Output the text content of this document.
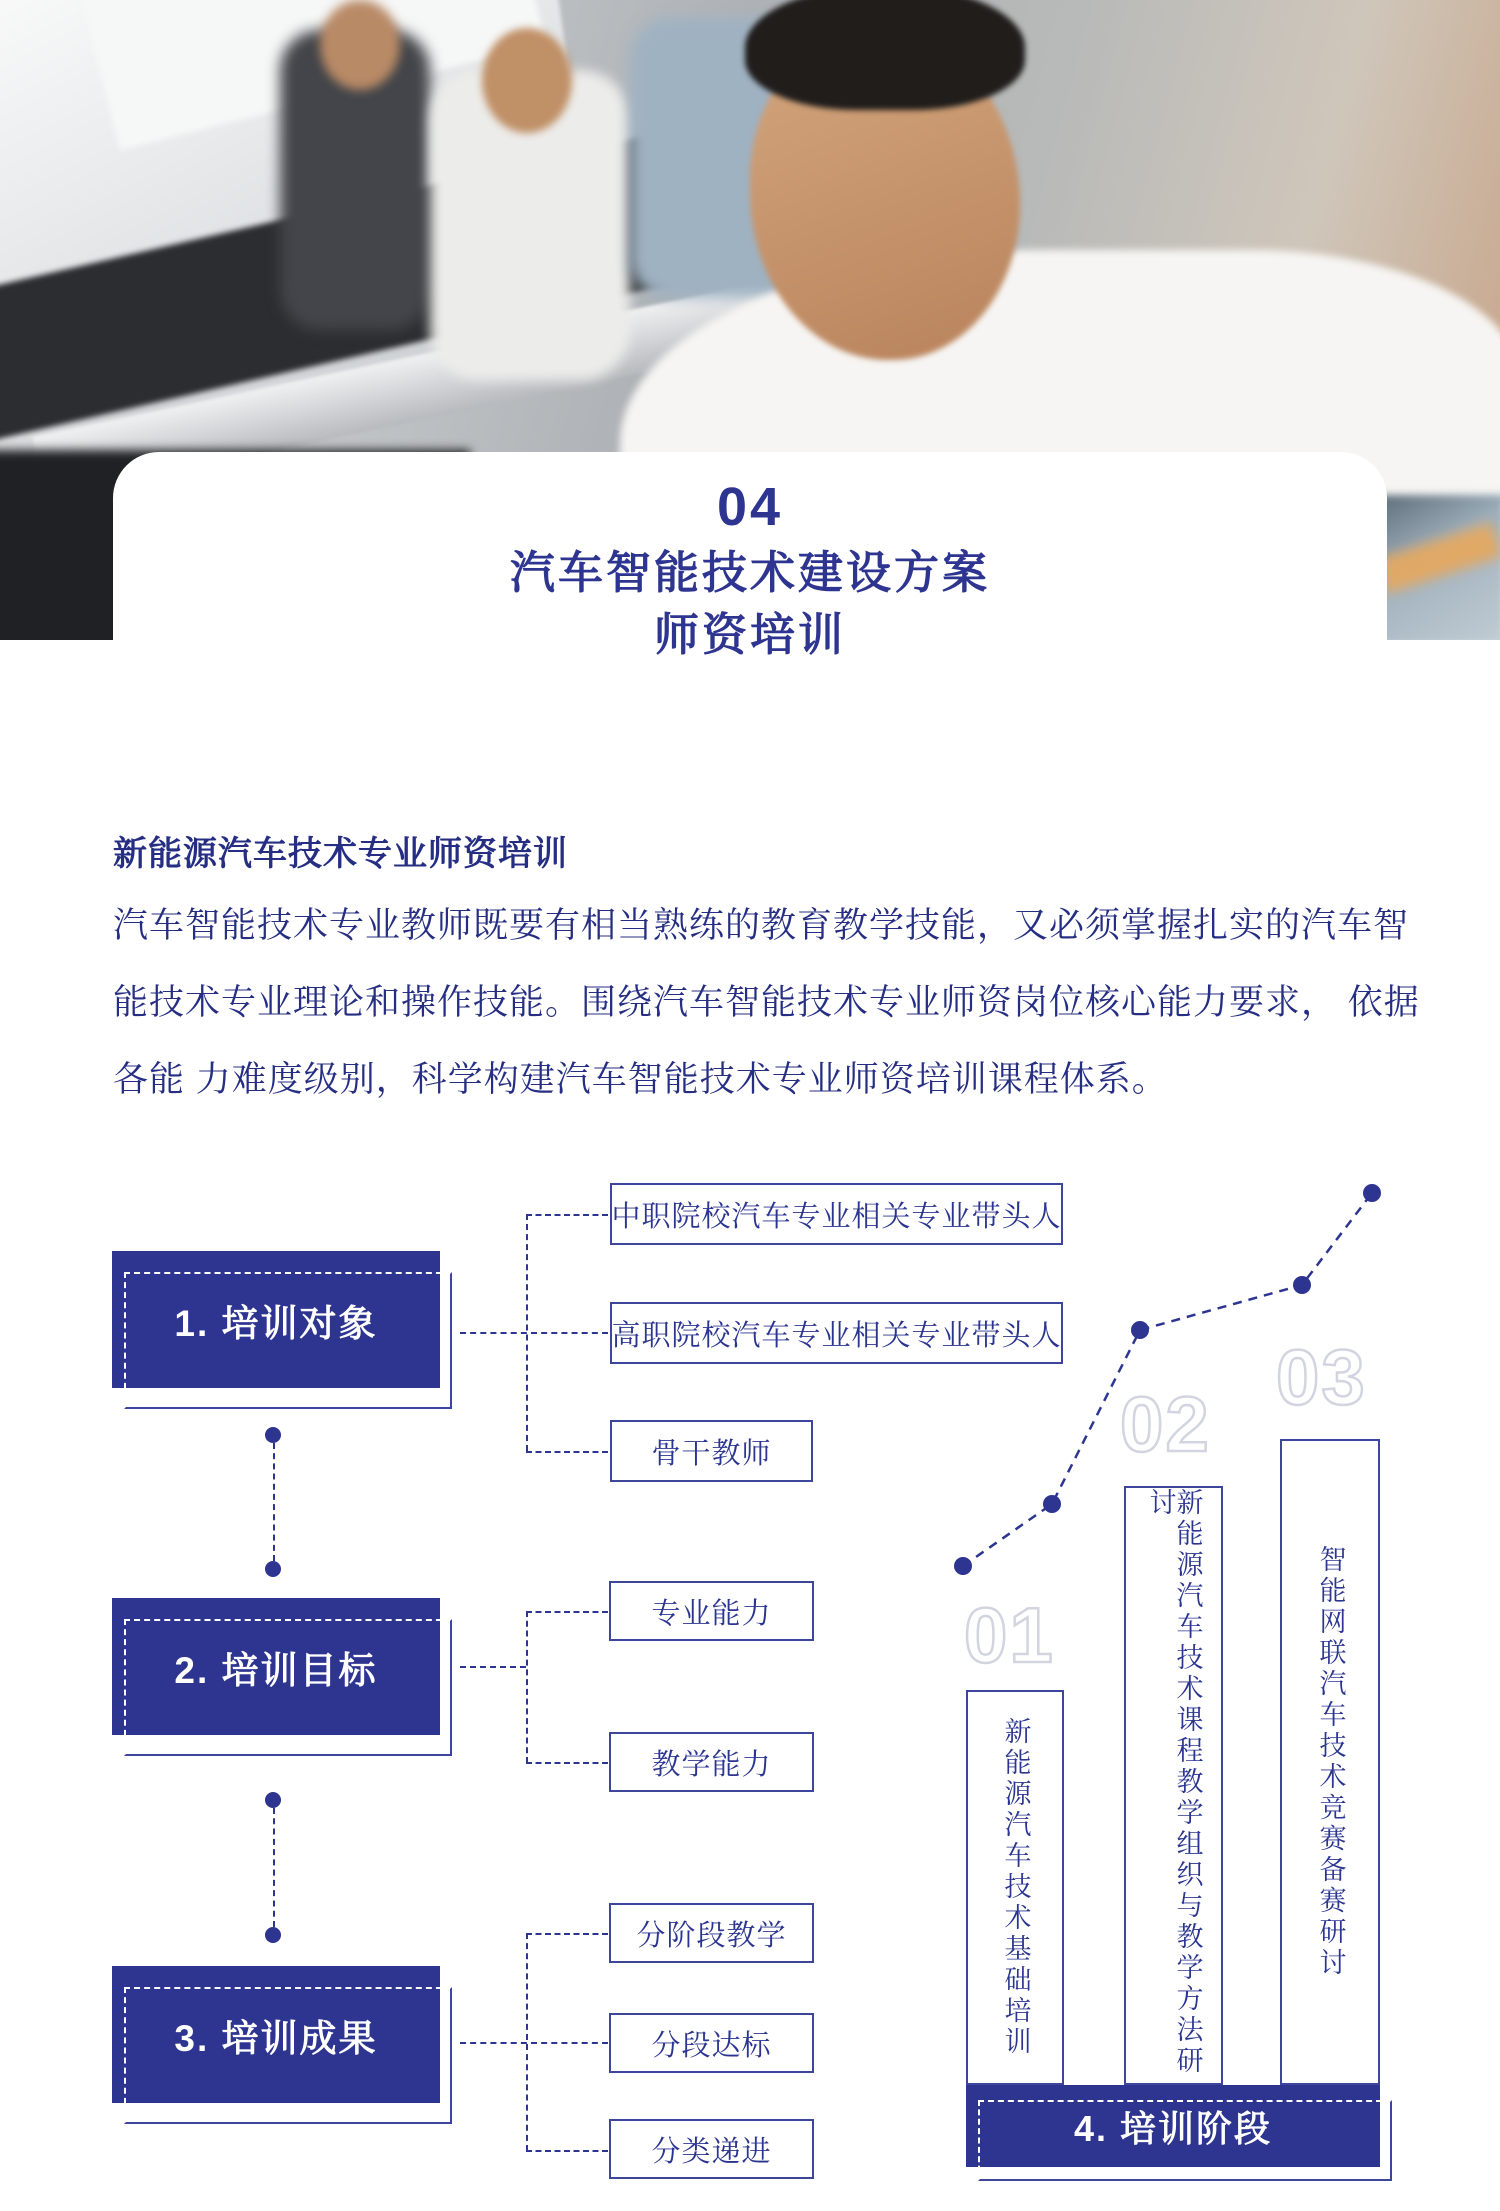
04
汽车智能技术建设方案
师资培训
新能源汽车技术专业师资培训
汽车智能技术专业教师既要有相当熟练的教育教学技能，又必须掌握扎实的汽车智
能技术专业理论和操作技能。围绕汽车智能技术专业师资岗位核心能力要求， 依据
各能 力难度级别，科学构建汽车智能技术专业师资培训课程体系。
1. 培训对象
中职院校汽车专业相关专业带头人
高职院校汽车专业相关专业带头人
骨干教师
2. 培训目标
专业能力
教学能力
3. 培训成果
分阶段教学
分段达标
分类递进
新能源汽车技术基础培训	新能源汽车技术课程教学组织与教学方法研讨
智能网联汽车技术竞赛备赛研讨
01
02
03
4. 培训阶段
